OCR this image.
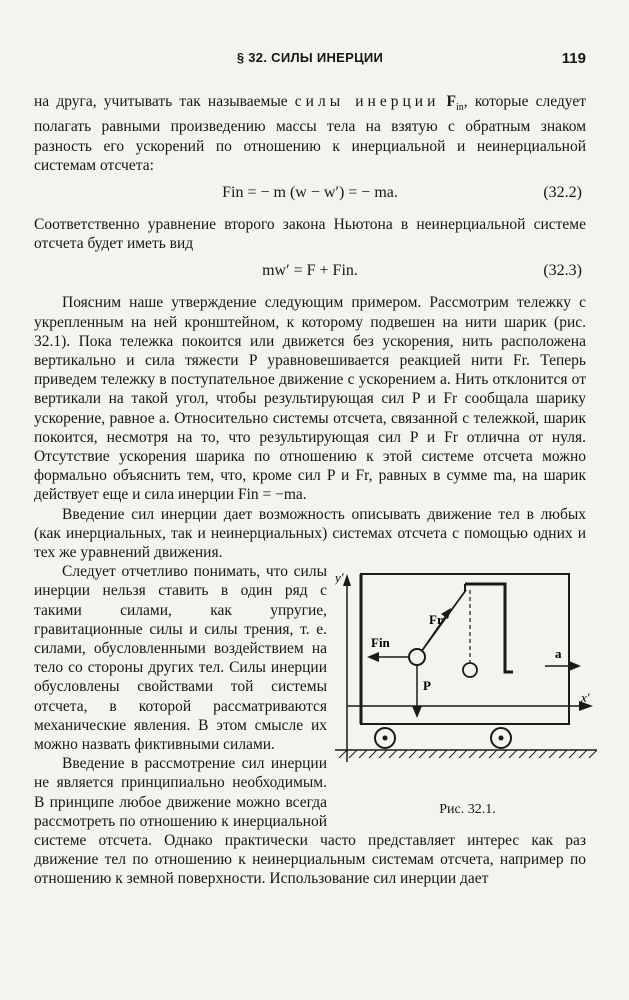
§ 32. СИЛЫ ИНЕРЦИИ	119

на друга, учитывать так называемые силы инерции $F_{in}$, которые следует полагать равными произведению массы тела на взятую с обратным знаком разность его ускорений по отношению к инерциальной и неинерциальной системам отсчета:

Fin = − m (w − w′) = − ma.	(32.2)

Соответственно уравнение второго закона Ньютона в неинерциальной системе отсчета будет иметь вид

mw′ = F + Fin.	(32.3)

Поясним наше утверждение следующим примером. Рассмотрим тележку с укрепленным на ней кронштейном, к которому подвешен на нити шарик (рис. 32.1). Пока тележка покоится или движется без ускорения, нить расположена вертикально и сила тяжести P уравновешивается реакцией нити Fr. Теперь приведем тележку в поступательное движение с ускорением a. Нить отклонится от вертикали на такой угол, чтобы результирующая сил P и Fr сообщала шарику ускорение, равное a. Относительно системы отсчета, связанной с тележкой, шарик покоится, несмотря на то, что результирующая сил P и Fr отлична от нуля. Отсутствие ускорения шарика по отношению к этой системе отсчета можно формально объяснить тем, что, кроме сил P и Fr, равных в сумме ma, на шарик действует еще и сила инерции Fin = −ma.

Введение сил инерции дает возможность описывать движение тел в любых (как инерциальных, так и неинерциальных) системах отсчета с помощью одних и тех же уравнений движения.

y′
x′
Fr
Fin
P
a
Рис. 32.1.

Следует отчетливо понимать, что силы инерции нельзя ставить в один ряд с такими силами, как упругие, гравитационные силы и силы трения, т. е. силами, обусловленными воздействием на тело со стороны других тел. Силы инерции обусловлены свойствами той системы отсчета, в которой рассматриваются механические явления. В этом смысле их можно назвать фиктивными силами.

Введение в рассмотрение сил инерции не является принципиально необходимым. В принципе любое движение можно всегда рассмотреть по отношению к инерциальной системе отсчета. Однако практически часто представляет интерес как раз движение тел по отношению к неинерциальным системам отсчета, например по отношению к земной поверхности. Использование сил инерции дает
